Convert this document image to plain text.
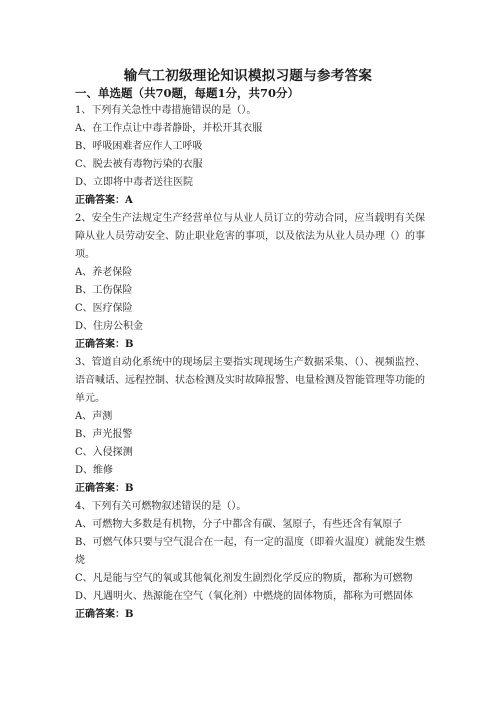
输气工初级理论知识模拟习题与参考答案
一、单选题（共70题，每题1分，共70分）
1、下列有关急性中毒措施错误的是（）。
A、在工作点让中毒者静卧，并松开其衣服
B、呼吸困难者应作人工呼吸
C、脱去被有毒物污染的衣服
D、立即将中毒者送往医院
正确答案：A
2、安全生产法规定生产经营单位与从业人员订立的劳动合同，应当载明有关保障从业人员劳动安全、防止职业危害的事项，以及依法为从业人员办理（）的事项。
A、养老保险
B、工伤保险
C、医疗保险
D、住房公积金
正确答案：B
3、管道自动化系统中的现场层主要指实现现场生产数据采集、（）、视频监控、语音喊话、远程控制、状态检测及实时故障报警、电量检测及智能管理等功能的单元。
A、声测
B、声光报警
C、入侵探测
D、维修
正确答案：B
4、下列有关可燃物叙述错误的是（）。
A、可燃物大多数是有机物，分子中都含有碳、氢原子，有些还含有氧原子
B、可燃气体只要与空气混合在一起，有一定的温度（即着火温度）就能发生燃烧
C、凡是能与空气的氧或其他氧化剂发生剧烈化学反应的物质，都称为可燃物
D、凡遇明火、热源能在空气（氧化剂）中燃烧的固体物质，都称为可燃固体
正确答案：B
